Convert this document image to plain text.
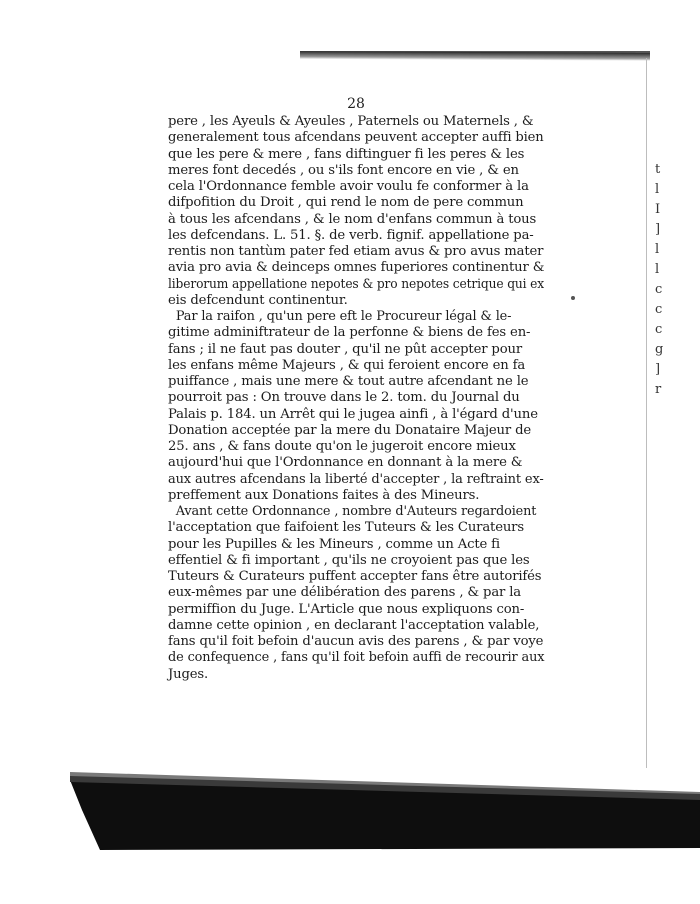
t
l
I
]
l
l
c
c
c
g
]
r
28

pere , les Ayeuls & Ayeules , Paternels ou Maternels , &
generalement tous afcendans peuvent accepter auffi bien
que les pere & mere , fans diftinguer fi les peres & les
meres font decedés , ou s'ils font encore en vie , & en
cela l'Ordonnance femble avoir voulu fe conformer à la
difpofition du Droit , qui rend le nom de pere commun
à tous les afcendans , & le nom d'enfans commun à tous
les defcendans. L. 51. §. de verb. fignif. appellatione pa-
rentis non tantùm pater fed etiam avus & pro avus mater
avia pro avia & deinceps omnes fuperiores continentur &
liberorum appellatione nepotes & pro nepotes cetrique qui ex
eis defcendunt continentur.

Par la raifon , qu'un pere eft le Procureur légal & le-
gitime adminiftrateur de la perfonne & biens de fes en-
fans ; il ne faut pas douter , qu'il ne pût accepter pour
les enfans même Majeurs , & qui feroient encore en fa
puiffance , mais une mere & tout autre afcendant ne le
pourroit pas : On trouve dans le 2. tom. du Journal du
Palais p. 184. un Arrêt qui le jugea ainfi , à l'égard d'une
Donation acceptée par la mere du Donataire Majeur de
25. ans , & fans doute qu'on le jugeroit encore mieux
aujourd'hui que l'Ordonnance en donnant à la mere &
aux autres afcendans la liberté d'accepter , la reftraint ex-
preffement aux Donations faites à des Mineurs.

Avant cette Ordonnance , nombre d'Auteurs regardoient
l'acceptation que faifoient les Tuteurs & les Curateurs
pour les Pupilles & les Mineurs , comme un Acte fi
effentiel & fi important , qu'ils ne croyoient pas que les
Tuteurs & Curateurs puffent accepter fans être autorifés
eux-mêmes par une délibération des parens , & par la
permiffion du Juge. L'Article que nous expliquons con-
damne cette opinion , en declarant l'acceptation valable,
fans qu'il foit befoin d'aucun avis des parens , & par voye
de confequence , fans qu'il foit befoin auffi de recourir aux
Juges.
